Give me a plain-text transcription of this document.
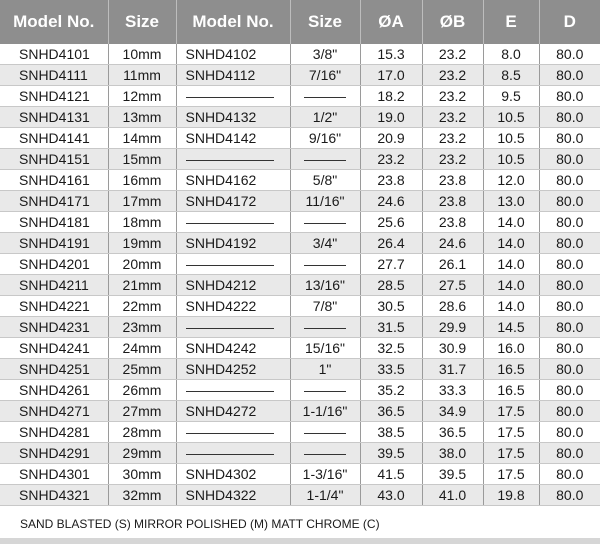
Model No.	Size	Model No.	Size	ØA	ØB	E	D
SNHD4101	10mm	SNHD4102	3/8"	15.3	23.2	8.0	80.0
SNHD4111	11mm	SNHD4112	7/16"	17.0	23.2	8.5	80.0
SNHD4121	12mm			18.2	23.2	9.5	80.0
SNHD4131	13mm	SNHD4132	1/2"	19.0	23.2	10.5	80.0
SNHD4141	14mm	SNHD4142	9/16"	20.9	23.2	10.5	80.0
SNHD4151	15mm			23.2	23.2	10.5	80.0
SNHD4161	16mm	SNHD4162	5/8"	23.8	23.8	12.0	80.0
SNHD4171	17mm	SNHD4172	11/16"	24.6	23.8	13.0	80.0
SNHD4181	18mm			25.6	23.8	14.0	80.0
SNHD4191	19mm	SNHD4192	3/4"	26.4	24.6	14.0	80.0
SNHD4201	20mm			27.7	26.1	14.0	80.0
SNHD4211	21mm	SNHD4212	13/16"	28.5	27.5	14.0	80.0
SNHD4221	22mm	SNHD4222	7/8"	30.5	28.6	14.0	80.0
SNHD4231	23mm			31.5	29.9	14.5	80.0
SNHD4241	24mm	SNHD4242	15/16"	32.5	30.9	16.0	80.0
SNHD4251	25mm	SNHD4252	1"	33.5	31.7	16.5	80.0
SNHD4261	26mm			35.2	33.3	16.5	80.0
SNHD4271	27mm	SNHD4272	1-1/16"	36.5	34.9	17.5	80.0
SNHD4281	28mm			38.5	36.5	17.5	80.0
SNHD4291	29mm			39.5	38.0	17.5	80.0
SNHD4301	30mm	SNHD4302	1-3/16"	41.5	39.5	17.5	80.0
SNHD4321	32mm	SNHD4322	1-1/4"	43.0	41.0	19.8	80.0
SAND BLASTED (S) MIRROR POLISHED (M) MATT CHROME (C)
